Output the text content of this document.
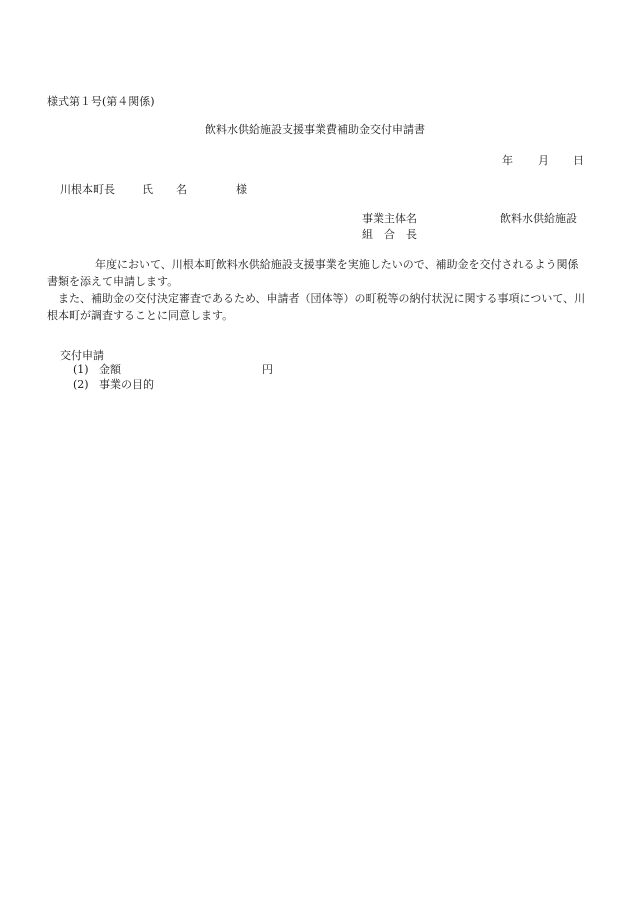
様式第１号(第４関係)
飲料水供給施設支援事業費補助金交付申請書
年 月 日
川根本町長 氏 名	様
事業主体名	飲料水供給施設
組　合　長

年度において、川根本町飲料水供給施設支援事業を実施したいので、補助金を交付されるよう関係書類を添えて申請します。

また、補助金の交付決定審査であるため、申請者（団体等）の町税等の納付状況に関する事項について、川根本町が調査することに同意します。

交付申請
(1) 金額	円
(2) 事業の目的
